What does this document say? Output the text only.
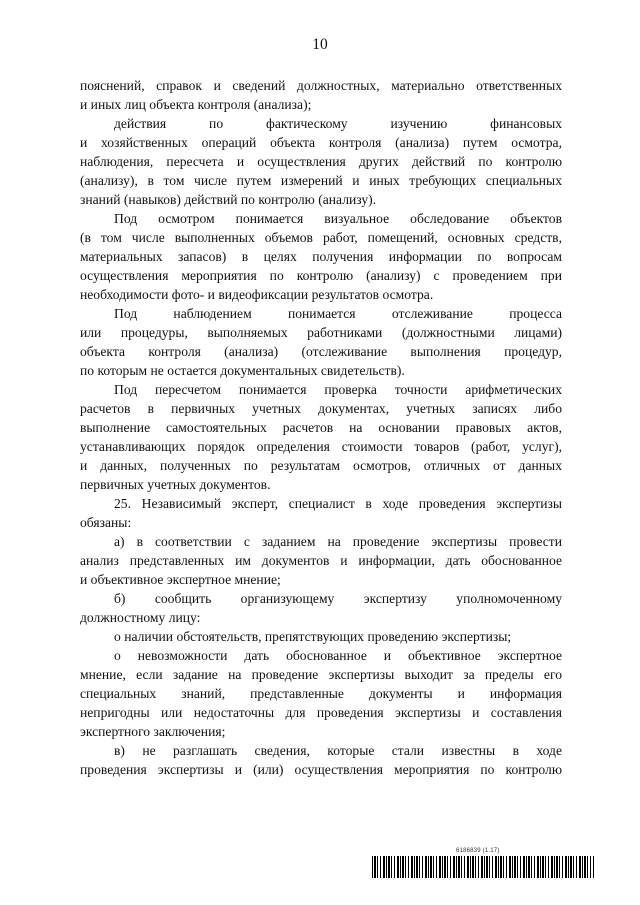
10

пояснений, справок и сведений должностных, материально ответственных

и иных лиц объекта контроля (анализа);

действия по фактическому изучению финансовых

и хозяйственных операций объекта контроля (анализа) путем осмотра,

наблюдения, пересчета и осуществления других действий по контролю

(анализу), в том числе путем измерений и иных требующих специальных

знаний (навыков) действий по контролю (анализу).

Под осмотром понимается визуальное обследование объектов

(в том числе выполненных объемов работ, помещений, основных средств,

материальных запасов) в целях получения информации по вопросам

осуществления мероприятия по контролю (анализу) с проведением при

необходимости фото- и видеофиксации результатов осмотра.

Под наблюдением понимается отслеживание процесса

или процедуры, выполняемых работниками (должностными лицами)

объекта контроля (анализа) (отслеживание выполнения процедур,

по которым не остается документальных свидетельств).

Под пересчетом понимается проверка точности арифметических

расчетов в первичных учетных документах, учетных записях либо

выполнение самостоятельных расчетов на основании правовых актов,

устанавливающих порядок определения стоимости товаров (работ, услуг),

и данных, полученных по результатам осмотров, отличных от данных

первичных учетных документов.

25. Независимый эксперт, специалист в ходе проведения экспертизы

обязаны:

а) в соответствии с заданием на проведение экспертизы провести

анализ представленных им документов и информации, дать обоснованное

и объективное экспертное мнение;

б) сообщить организующему экспертизу уполномоченному

должностному лицу:

о наличии обстоятельств, препятствующих проведению экспертизы;

о невозможности дать обоснованное и объективное экспертное

мнение, если задание на проведение экспертизы выходит за пределы его

специальных знаний, представленные документы и информация

непригодны или недостаточны для проведения экспертизы и составления

экспертного заключения;

в) не разглашать сведения, которые стали известны в ходе

проведения экспертизы и (или) осуществления мероприятия по контролю

6186839 (1.17)
